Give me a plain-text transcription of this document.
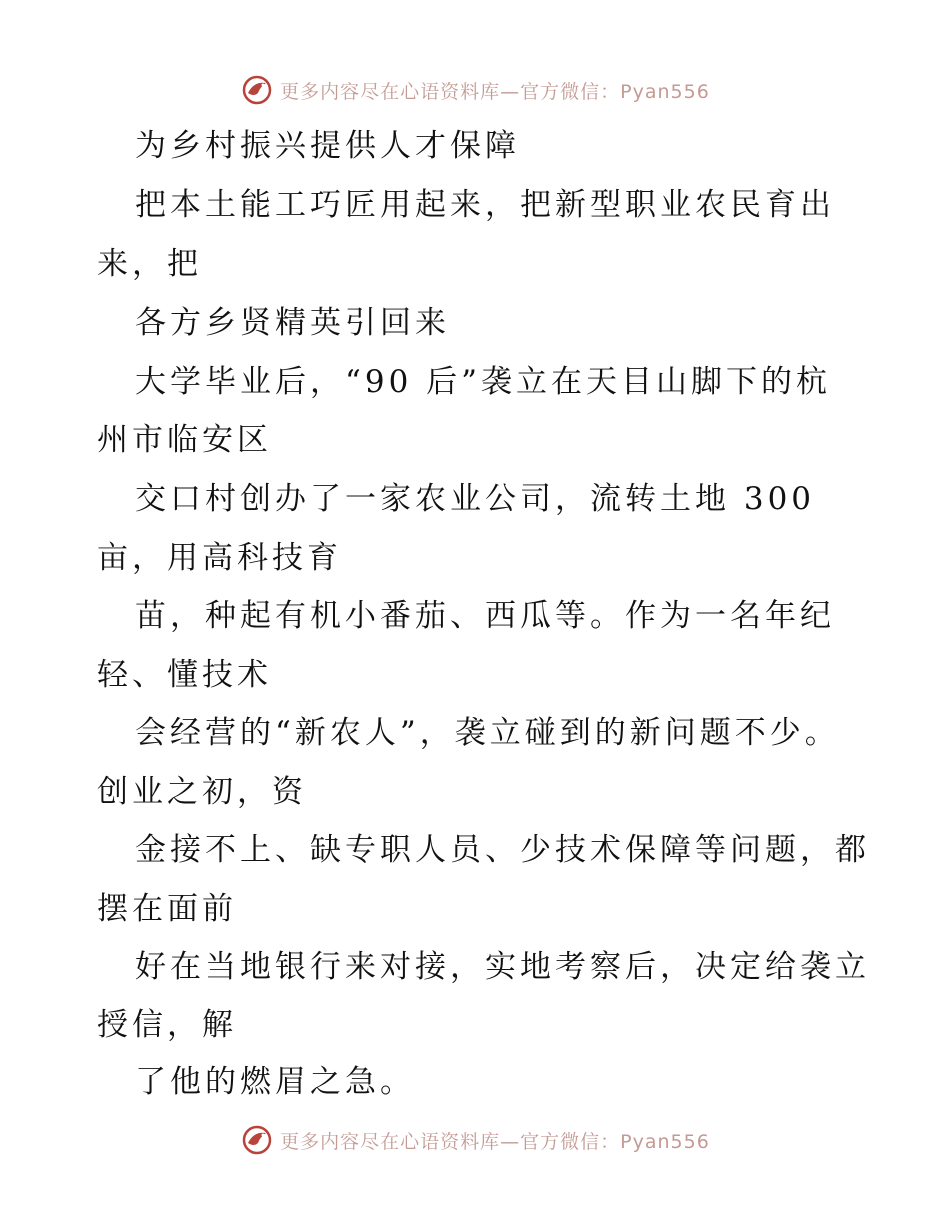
更多内容尽在心语资料库—官方微信：Pyan556
为乡村振兴提供人才保障
把本土能工巧匠用起来，把新型职业农民育出
来，把
各方乡贤精英引回来
大学毕业后，“90 后”袭立在天目山脚下的杭
州市临安区
交口村创办了一家农业公司，流转土地 300
亩，用高科技育
苗，种起有机小番茄、西瓜等。作为一名年纪
轻、懂技术
会经营的“新农人”，袭立碰到的新问题不少。
创业之初，资
金接不上、缺专职人员、少技术保障等问题，都
摆在面前
好在当地银行来对接，实地考察后，决定给袭立
授信，解
了他的燃眉之急。
更多内容尽在心语资料库—官方微信：Pyan556
